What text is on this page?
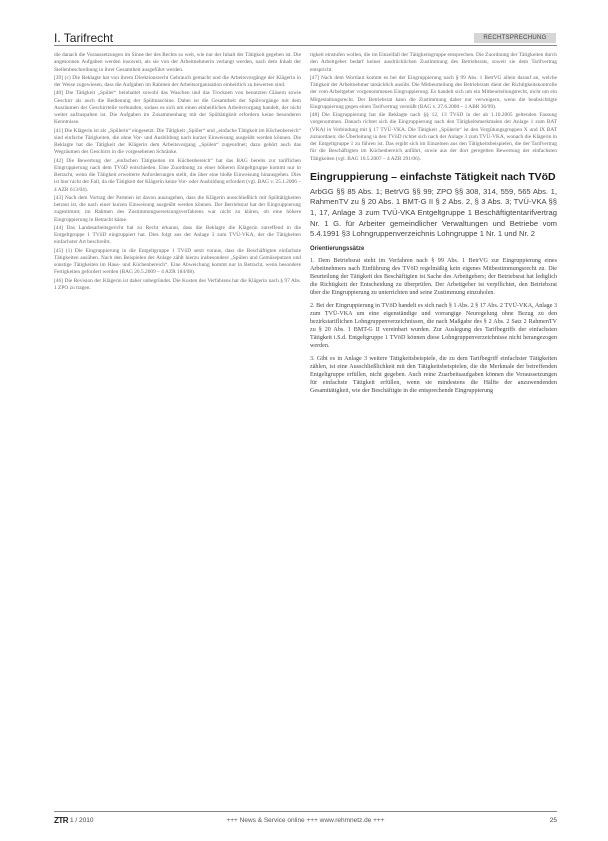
I. Tarifrecht	RECHTSPRECHUNG

die danach die Voraussetzungen im Sinne der des Rechts so weit, wie nur der Inhalt der Tätigkeit gegeben ist. Die angesonnen Aufgaben werden insoweit, als sie von der Arbeitnehmerin verlangt werden, nach dem Inhalt der Stellenbeschreibung in ihrer Gesamtheit ausgeführt werden.

[39] (c) Die Beklagte hat von ihrem Direktionsrecht Gebrauch gemacht und die Arbeitsvorgänge der Klägerin in der Weise zugewiesen, dass die Aufgaben im Rahmen der Arbeitsorganisation einheitlich zu bewerten sind.

[40] Die Tätigkeit „Spüler“ beinhaltet sowohl das Waschen und das Trocknen von benutzten Gläsern sowie Geschirr als auch die Bedienung der Spülmaschine. Dabei ist die Gesamtheit der Spülvorgänge mit dem Ausräumen der Geschirrteile verbunden, sodass es sich um einen einheitlichen Arbeitsvorgang handelt, der nicht weiter aufzuspalten ist. Die Aufgaben im Zusammenhang mit der Spültätigkeit erfordern keine besonderen Kenntnisse.

[41] Die Klägerin ist als „Spülerin“ eingesetzt. Die Tätigkeit „Spüler“ und „einfache Tätigkeit im Küchenbereich“ sind einfache Tätigkeiten, die ohne Vor- und Ausbildung nach kurzer Einweisung ausgeübt werden können. Die Beklagte hat die Tätigkeit der Klägerin dem Arbeitsvorgang „Spülen“ zugeordnet; dazu gehört auch das Wegräumen des Geschirrs in die vorgesehenen Schränke.

[42] Die Bewertung der „einfachen Tätigkeiten im Küchenbereich“ hat das BAG bereits zur tariflichen Eingruppierung nach dem TVöD entschieden. Eine Zuordnung zu einer höheren Entgeltgruppe kommt nur in Betracht, wenn die Tätigkeit erweiterte Anforderungen stellt, die über eine bloße Einweisung hinausgehen. Dies ist hier nicht der Fall, da die Tätigkeit der Klägerin keine Vor- oder Ausbildung erfordert (vgl. BAG v. 25.1.2006 – 4 AZR 613/04).

[43] Nach dem Vortrag der Parteien ist davon auszugehen, dass die Klägerin ausschließlich mit Spültätigkeiten betraut ist, die nach einer kurzen Einweisung ausgeübt werden können. Der Betriebsrat hat der Eingruppierung zugestimmt; im Rahmen des Zustimmungsersetzungsverfahrens war nicht zu klären, ob eine höhere Eingruppierung in Betracht käme.

[44] Das Landesarbeitsgericht hat zu Recht erkannt, dass die Beklagte die Klägerin zutreffend in die Entgeltgruppe 1 TVöD eingruppiert hat. Dies folgt aus der Anlage 3 zum TVÜ-VKA, der die Tätigkeiten einfachster Art beschreibt.

[45] (1) Die Eingruppierung in die Entgeltgruppe 1 TVöD setzt voraus, dass die Beschäftigten einfachste Tätigkeiten ausüben. Nach den Beispielen der Anlage zählt hierzu insbesondere „Spülen und Gemüseputzen und sonstige Tätigkeiten im Haus- und Küchenbereich“. Eine Abweichung kommt nur in Betracht, wenn besondere Fertigkeiten gefordert werden (BAG 20.5.2009 – 4 AZR 184/08).

[46] Die Revision der Klägerin ist daher unbegründet. Die Kosten des Verfahrens hat die Klägerin nach § 97 Abs. 1 ZPO zu tragen.

tigkeit einstufen wollen, die im Einzelfall der Tätigkeitsgruppe entsprechen. Die Zuordnung der Tätigkeiten durch den Arbeitgeber bedarf keiner ausdrücklichen Zustimmung des Betriebsrats, soweit sie dem Tarifvertrag entspricht.

[47] Nach dem Wortlaut kommt es bei der Eingruppierung nach § 99 Abs. 1 BetrVG allein darauf an, welche Tätigkeit der Arbeitnehmer tatsächlich ausübt. Die Mitbeurteilung des Betriebsrats dient der Richtigkeitskontrolle der vom Arbeitgeber vorgenommenen Eingruppierung. Es handelt sich um ein Mitbeurteilungsrecht, nicht um ein Mitgestaltungsrecht. Der Betriebsrat kann die Zustimmung daher nur verweigern, wenn die beabsichtigte Eingruppierung gegen einen Tarifvertrag verstößt (BAG v. 27.6.2000 – 1 ABR 36/99).

[48] Die Eingruppierung hat die Beklagte nach §§ 12, 13 TVöD in der ab 1.10.2005 geltenden Fassung vorgenommen. Danach richtet sich die Eingruppierung nach den Tätigkeitsmerkmalen der Anlage 1 zum BAT (VKA) in Verbindung mit § 17 TVÜ-VKA. Die Tätigkeit „Spülerin“ ist den Vergütungsgruppen X und IX BAT zuzuordnen; die Überleitung in den TVöD richtet sich nach der Anlage 3 zum TVÜ-VKA, wonach die Klägerin in der Entgeltgruppe 1 zu führen ist. Das ergibt sich im Einzelnen aus den Tätigkeitsbeispielen, die der Tarifvertrag für die Beschäftigten im Küchenbereich anführt, sowie aus der dort geregelten Bewertung der einfachsten Tätigkeiten (vgl. BAG 16.5.2007 – 4 AZR 291/06).

Eingruppierung – einfachste Tätigkeit nach TVöD

ArbGG §§ 85 Abs. 1; BetrVG §§ 99; ZPO §§ 308, 314, 559, 565 Abs. 1, RahmenTV zu § 20 Abs. 1 BMT-G II § 2 Abs. 2, § 3 Abs. 3; TVÜ-VKA §§ 1, 17, Anlage 3 zum TVÜ-VKA Entgeltgruppe 1 Beschäftigtentarifvertrag Nr. 1 G. für Arbeiter gemeindlicher Verwaltungen und Betriebe vom 5.4.1991 §3 Lohngruppenverzeichnis Lohngruppe 1 Nr. 1 und Nr. 2

Orientierungssätze

1. Dem Betriebsrat steht im Verfahren nach § 99 Abs. 1 BetrVG zur Eingruppierung eines Arbeitnehmers nach Einführung des TVöD regelmäßig kein eigenes Mitbestimmungsrecht zu. Die Beurteilung der Tätigkeit des Beschäftigten ist Sache des Arbeitgebers; der Betriebsrat hat lediglich die Richtigkeit der Entscheidung zu überprüfen. Der Arbeitgeber ist verpflichtet, den Betriebsrat über die Eingruppierung zu unterrichten und seine Zustimmung einzuholen.

2. Bei der Eingruppierung in TVöD handelt es sich nach § 1 Abs. 2 § 17 Abs. 2 TVÜ-VKA, Anlage 3 zum TVÜ-VKA um eine eigenständige und vorrangige Neuregelung ohne Bezug zu den bezirkstariflichen Lohngruppenverzeichnissen, die nach Maßgabe des § 2 Abs. 2 Satz 2 RahmenTV zu § 20 Abs. 1 BMT-G II vereinbart wurden. Zur Auslegung des Tarifbegriffs der einfachsten Tätigkeit i.S.d. Entgeltgruppe 1 TVöD können diese Lohngruppenverzeichnisse nicht herangezogen werden.

3. Gibt es in Anlage 3 weitere Tätigkeitsbeispiele, die zu dem Tarifbegriff einfachster Tätigkeiten zählen, ist eine Ausschließlichkeit mit den Tätigkeitsbeispielen, die die Merkmale der betreffenden Entgeltgruppe erfüllen, nicht gegeben. Auch reine Zuarbeitsaufgaben können die Voraussetzungen für einfachste Tätigkeit erfüllen, wenn sie mindestens die Hälfte der anzuwendenden Gesamttätigkeit, wie der Beschäftigte in die entsprechende Eingruppierung

ZTR 1 / 2010	+++ News & Service online +++ www.rehmnetz.de +++	25
